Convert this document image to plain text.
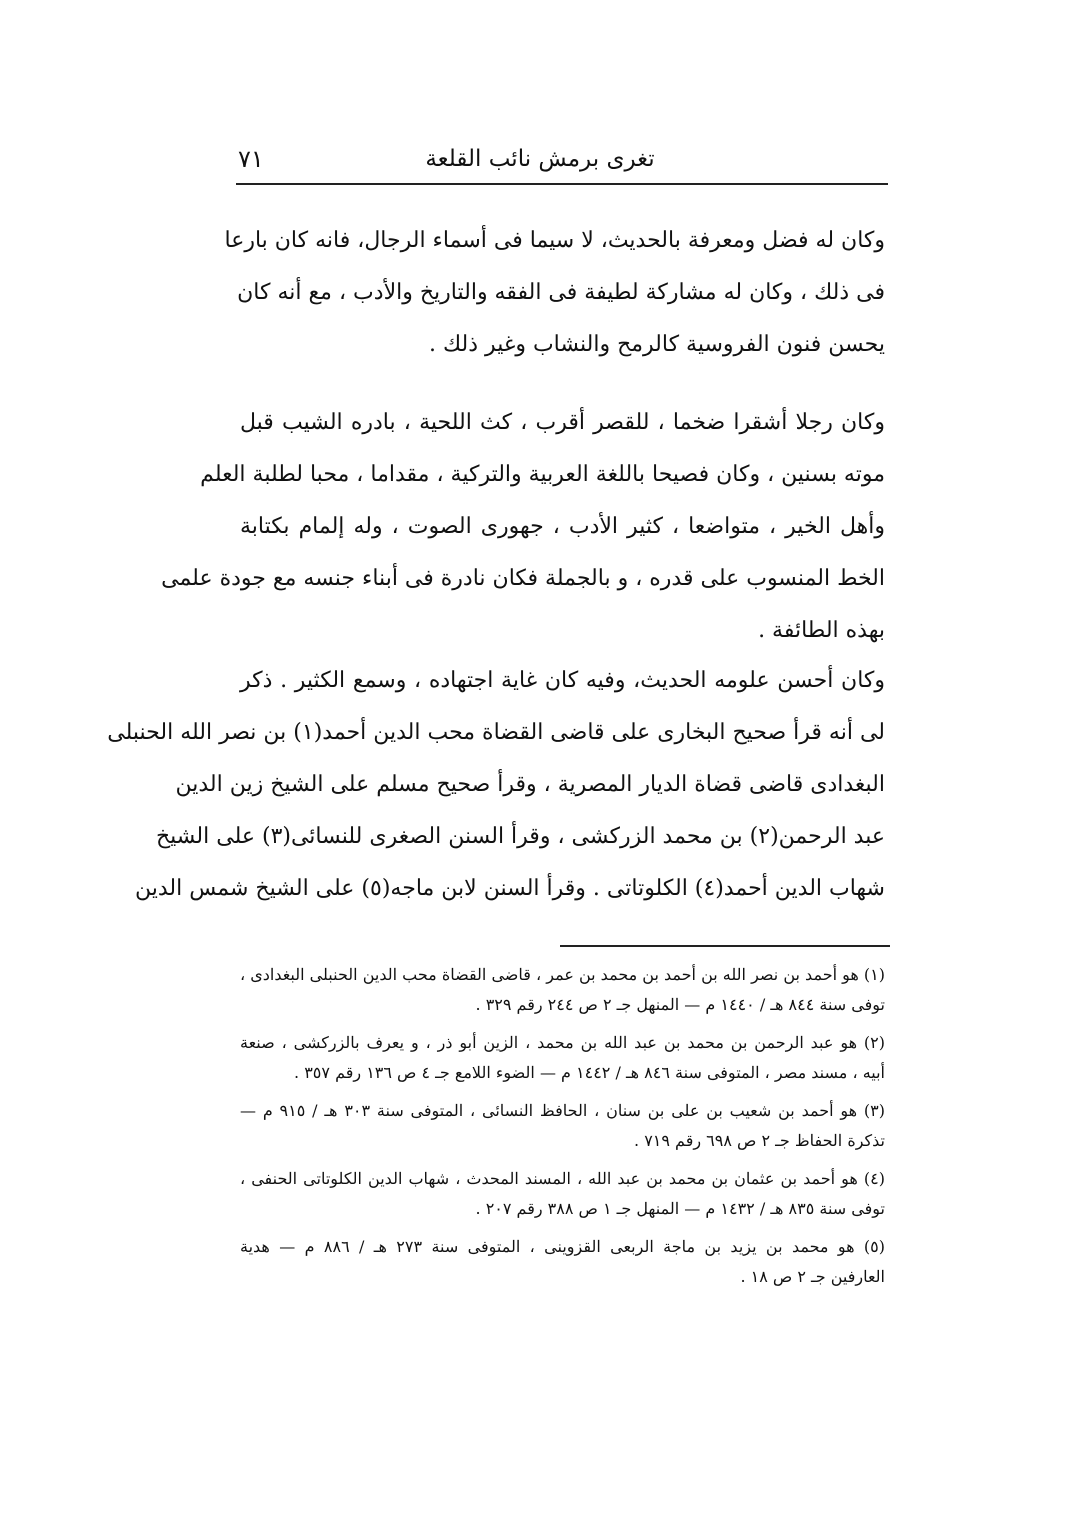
تغرى برمش نائب القلعة
٧١
وكان له فضل ومعرفة بالحديث، لا سيما فى أسماء الرجال، فانه كان بارعا
فى ذلك ، وكان له مشاركة لطيفة فى الفقه والتاريخ والأدب ، مع أنه كان
يحسن فنون الفروسية كالرمح والنشاب وغير ذلك .
وكان رجلا أشقرا ضخما ، للقصر أقرب ، كث اللحية ، بادره الشيب قبل
موته بسنين ، وكان فصيحا باللغة العربية والتركية ، مقداما ، محبا لطلبة العلم
وأهل الخير ، متواضعا ، كثير الأدب ، جهورى الصوت ، وله إلمام بكتابة
الخط المنسوب على قدره ، و بالجملة فكان نادرة فى أبناء جنسه مع جودة علمى
بهذه الطائفة .
وكان أحسن علومه الحديث، وفيه كان غاية اجتهاده ، وسمع الكثير . ذكر
لى أنه قرأ صحيح البخارى على قاضى القضاة محب الدين أحمد(١) بن نصر الله الحنبلى
البغدادى قاضى قضاة الديار المصرية ، وقرأ صحيح مسلم على الشيخ زين الدين
عبد الرحمن(٢) بن محمد الزركشى ، وقرأ السنن الصغرى للنسائى(٣) على الشيخ
شهاب الدين أحمد(٤) الكلوتاتى . وقرأ السنن لابن ماجه(٥) على الشيخ شمس الدين
(١) هو أحمد بن نصر الله بن أحمد بن محمد بن عمر ، قاضى القضاة محب الدين الحنبلى البغدادى ،
توفى سنة ٨٤٤ هـ / ١٤٤٠ م — المنهل جـ ٢ ص ٢٤٤ رقم ٣٢٩ .
(٢) هو عبد الرحمن بن محمد بن عبد الله بن محمد ، الزين أبو ذر ، و يعرف بالزركشى ، صنعة
أبيه ، مسند مصر ، المتوفى سنة ٨٤٦ هـ / ١٤٤٢ م — الضوء اللامع جـ ٤ ص ١٣٦ رقم ٣٥٧ .
(٣) هو أحمد بن شعيب بن على بن سنان ، الحافظ النسائى ، المتوفى سنة ٣٠٣ هـ / ٩١٥ م —
تذكرة الحفاظ جـ ٢ ص ٦٩٨ رقم ٧١٩ .
(٤) هو أحمد بن عثمان بن محمد بن عبد الله ، المسند المحدث ، شهاب الدين الكلوتاتى الحنفى ،
توفى سنة ٨٣٥ هـ / ١٤٣٢ م — المنهل جـ ١ ص ٣٨٨ رقم ٢٠٧ .
(٥) هو محمد بن يزيد بن ماجة الربعى القزوينى ، المتوفى سنة ٢٧٣ هـ / ٨٨٦ م — هدية
العارفين جـ ٢ ص ١٨ .
